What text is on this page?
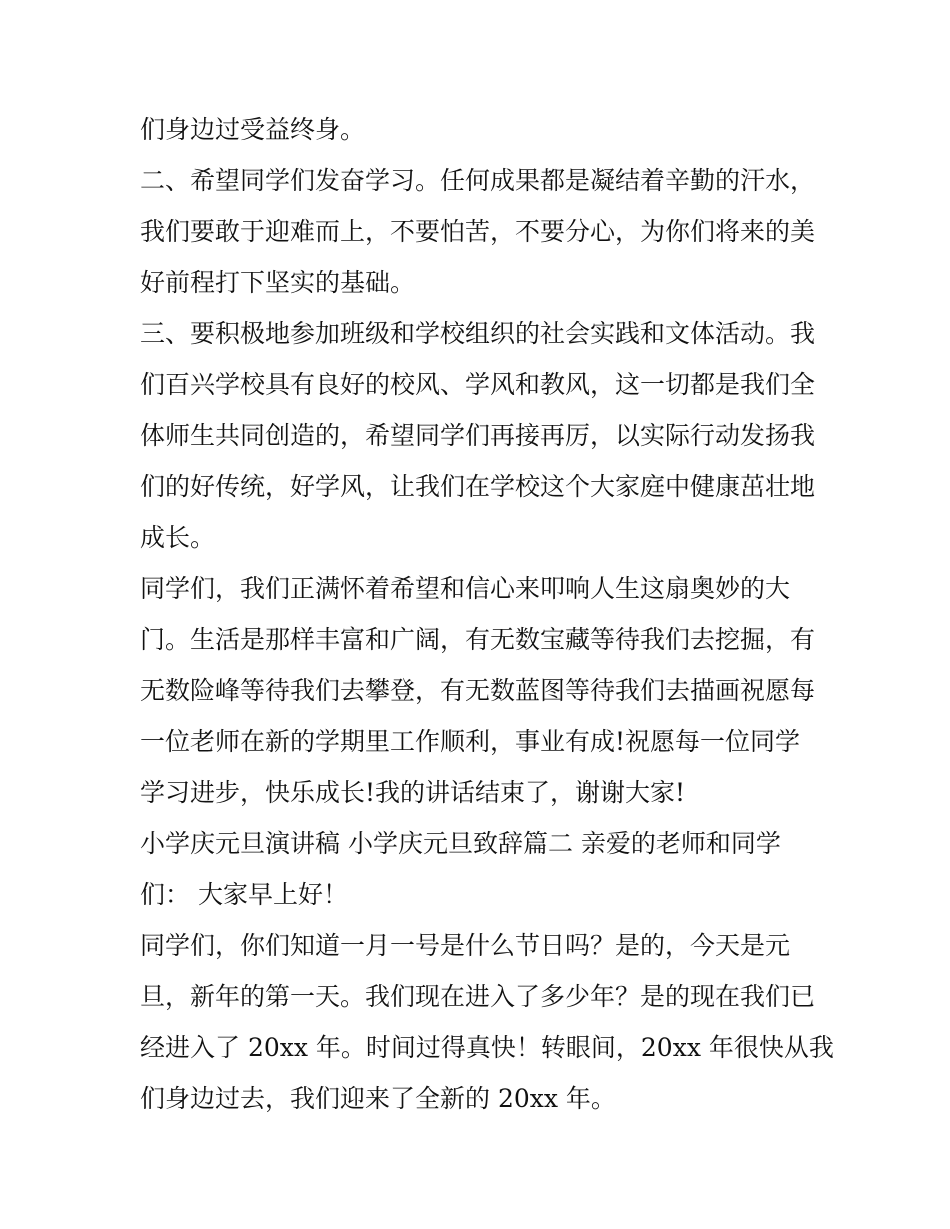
们身边过受益终身。
二、希望同学们发奋学习。任何成果都是凝结着辛勤的汗水，
我们要敢于迎难而上，不要怕苦，不要分心，为你们将来的美
好前程打下坚实的基础。
三、要积极地参加班级和学校组织的社会实践和文体活动。我
们百兴学校具有良好的校风、学风和教风，这一切都是我们全
体师生共同创造的，希望同学们再接再厉，以实际行动发扬我
们的好传统，好学风，让我们在学校这个大家庭中健康茁壮地
成长。
同学们，我们正满怀着希望和信心来叩响人生这扇奥妙的大
门。生活是那样丰富和广阔，有无数宝藏等待我们去挖掘，有
无数险峰等待我们去攀登，有无数蓝图等待我们去描画祝愿每
一位老师在新的学期里工作顺利，事业有成!祝愿每一位同学
学习进步，快乐成长!我的讲话结束了，谢谢大家!
小学庆元旦演讲稿 小学庆元旦致辞篇二 亲爱的老师和同学
们： 大家早上好！
同学们，你们知道一月一号是什么节日吗？是的，今天是元
旦，新年的第一天。我们现在进入了多少年？是的现在我们已
经进入了 20xx 年。时间过得真快！转眼间，20xx 年很快从我
们身边过去，我们迎来了全新的 20xx 年。
